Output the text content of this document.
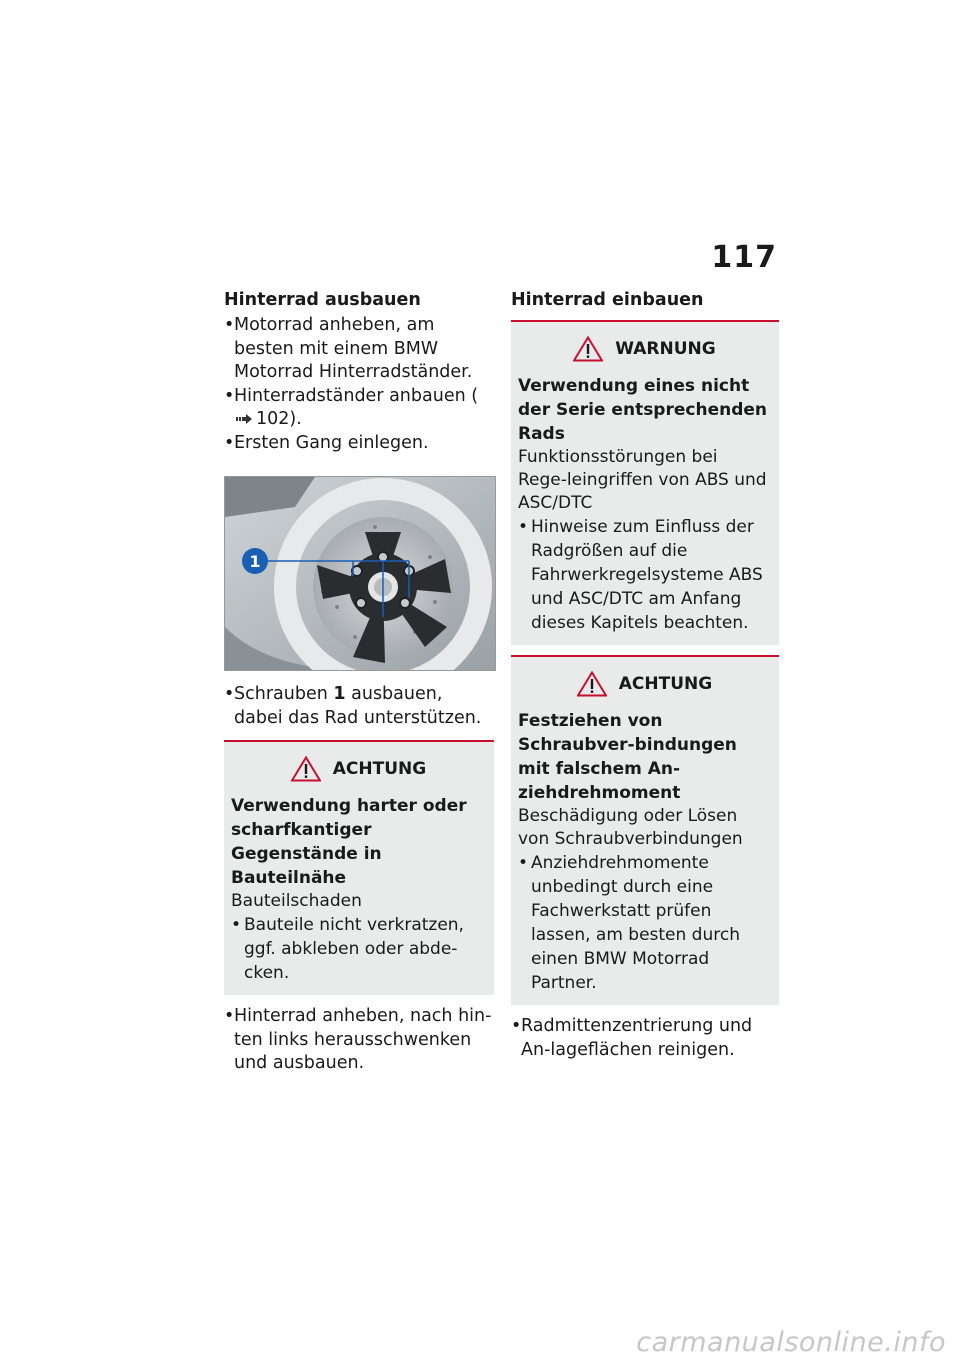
117
Hinterrad ausbauen
• Motorrad anheben, am besten mit einem BMW Motorrad Hinterradständer.
• Hinterradständer anbauen (102).
• Ersten Gang einlegen.
1
• Schrauben 1 ausbauen, dabei das Rad unterstützen.
ACHTUNG
Verwendung harter oder scharfkantiger Gegenstände in Bauteilnähe
Bauteilschaden
• Bauteile nicht verkratzen, ggf. abkleben oder abde-cken.
• Hinterrad anheben, nach hin-ten links herausschwenken und ausbauen.
Hinterrad einbauen
WARNUNG
Verwendung eines nicht der Serie entsprechenden Rads
Funktionsstörungen bei Rege-leingriffen von ABS und ASC/DTC
• Hinweise zum Einfluss der Radgrößen auf die Fahrwerkregelsysteme ABS und ASC/DTC am Anfang dieses Kapitels beachten.
ACHTUNG
Festziehen von Schraubver-bindungen mit falschem An-ziehdrehmoment
Beschädigung oder Lösen von Schraubverbindungen
• Anziehdrehmomente unbedingt durch eine Fachwerkstatt prüfen lassen, am besten durch einen BMW Motorrad Partner.
• Radmittenzentrierung und An-lageflächen reinigen.
carmanualsonline.info
